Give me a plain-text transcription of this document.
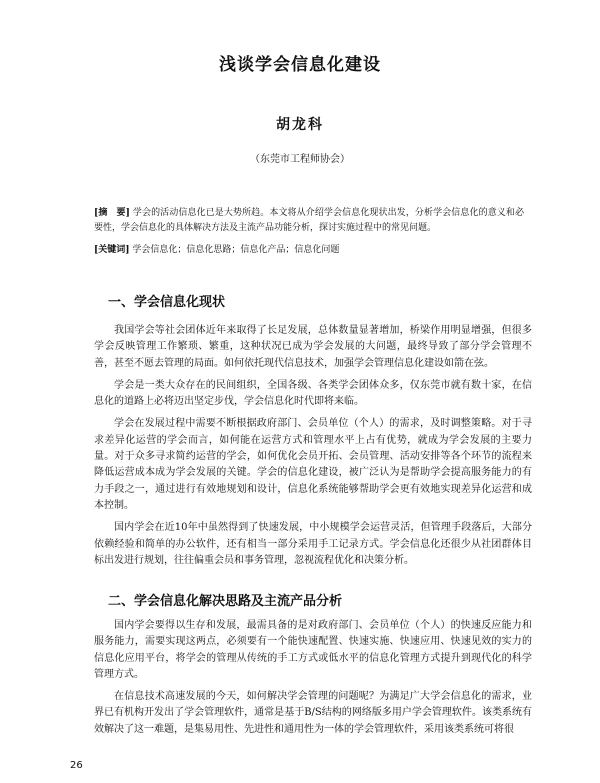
浅谈学会信息化建设
胡龙科
（东莞市工程师协会）
[摘　要] 学会的活动信息化已是大势所趋。本文将从介绍学会信息化现状出发，分析学会信息化的意义和必要性，学会信息化的具体解决方法及主流产品功能分析，探讨实施过程中的常见问题。
[关键词] 学会信息化；信息化思路；信息化产品；信息化问题
一、学会信息化现状

我国学会等社会团体近年来取得了长足发展，总体数量显著增加，桥梁作用明显增强，但很多学会反映管理工作繁琐、繁重，这种状况已成为学会发展的大问题，最终导致了部分学会管理不善，甚至不愿去管理的局面。如何依托现代信息技术，加强学会管理信息化建设如箭在弦。

学会是一类大众存在的民间组织，全国各级、各类学会团体众多，仅东莞市就有数十家，在信息化的道路上必将迈出坚定步伐，学会信息化时代即将来临。

学会在发展过程中需要不断根据政府部门、会员单位（个人）的需求，及时调整策略。对于寻求差异化运营的学会而言，如何能在运营方式和管理水平上占有优势，就成为学会发展的主要力量。对于众多寻求简约运营的学会，如何优化会员开拓、会员管理、活动安排等各个环节的流程来降低运营成本成为学会发展的关键。学会的信息化建设，被广泛认为是帮助学会提高服务能力的有力手段之一，通过进行有效地规划和设计，信息化系统能够帮助学会更有效地实现差异化运营和成本控制。

国内学会在近10年中虽然得到了快速发展，中小规模学会运营灵活，但管理手段落后，大部分依赖经验和简单的办公软件，还有相当一部分采用手工记录方式。学会信息化还很少从社团群体目标出发进行规划，往往偏重会员和事务管理，忽视流程优化和决策分析。

二、学会信息化解决思路及主流产品分析

国内学会要得以生存和发展，最需具备的是对政府部门、会员单位（个人）的快速反应能力和服务能力，需要实现这两点，必须要有一个能快速配置、快速实施、快速应用、快速见效的实力的信息化应用平台，将学会的管理从传统的手工方式或低水平的信息化管理方式提升到现代化的科学管理方式。

在信息技术高速发展的今天，如何解决学会管理的问题呢？为满足广大学会信息化的需求，业界已有机构开发出了学会管理软件，通常是基于B/S结构的网络版多用户学会管理软件。该类系统有效解决了这一难题，是集易用性、先进性和通用性为一体的学会管理软件，采用该类系统可将很

26
